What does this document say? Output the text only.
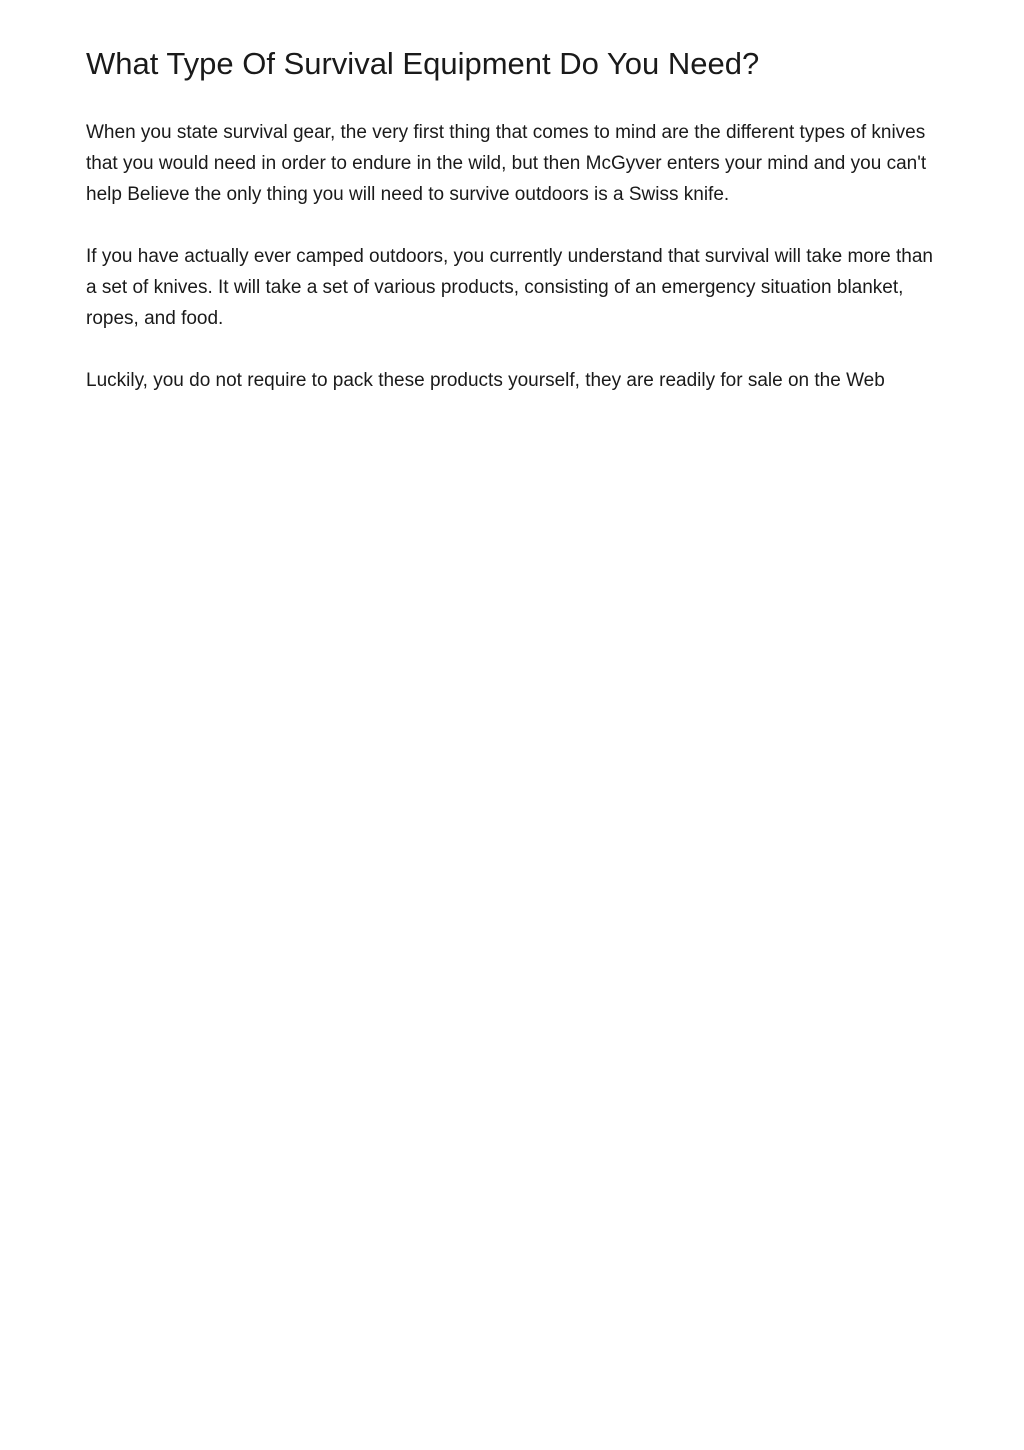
What Type Of Survival Equipment Do You Need?

When you state survival gear, the very first thing that comes to mind are the different types of knives that you would need in order to endure in the wild, but then McGyver enters your mind and you can't help Believe the only thing you will need to survive outdoors is a Swiss knife.

If you have actually ever camped outdoors, you currently understand that survival will take more than a set of knives. It will take a set of various products, consisting of an emergency situation blanket, ropes, and food.

Luckily, you do not require to pack these products yourself, they are readily for sale on the Web
